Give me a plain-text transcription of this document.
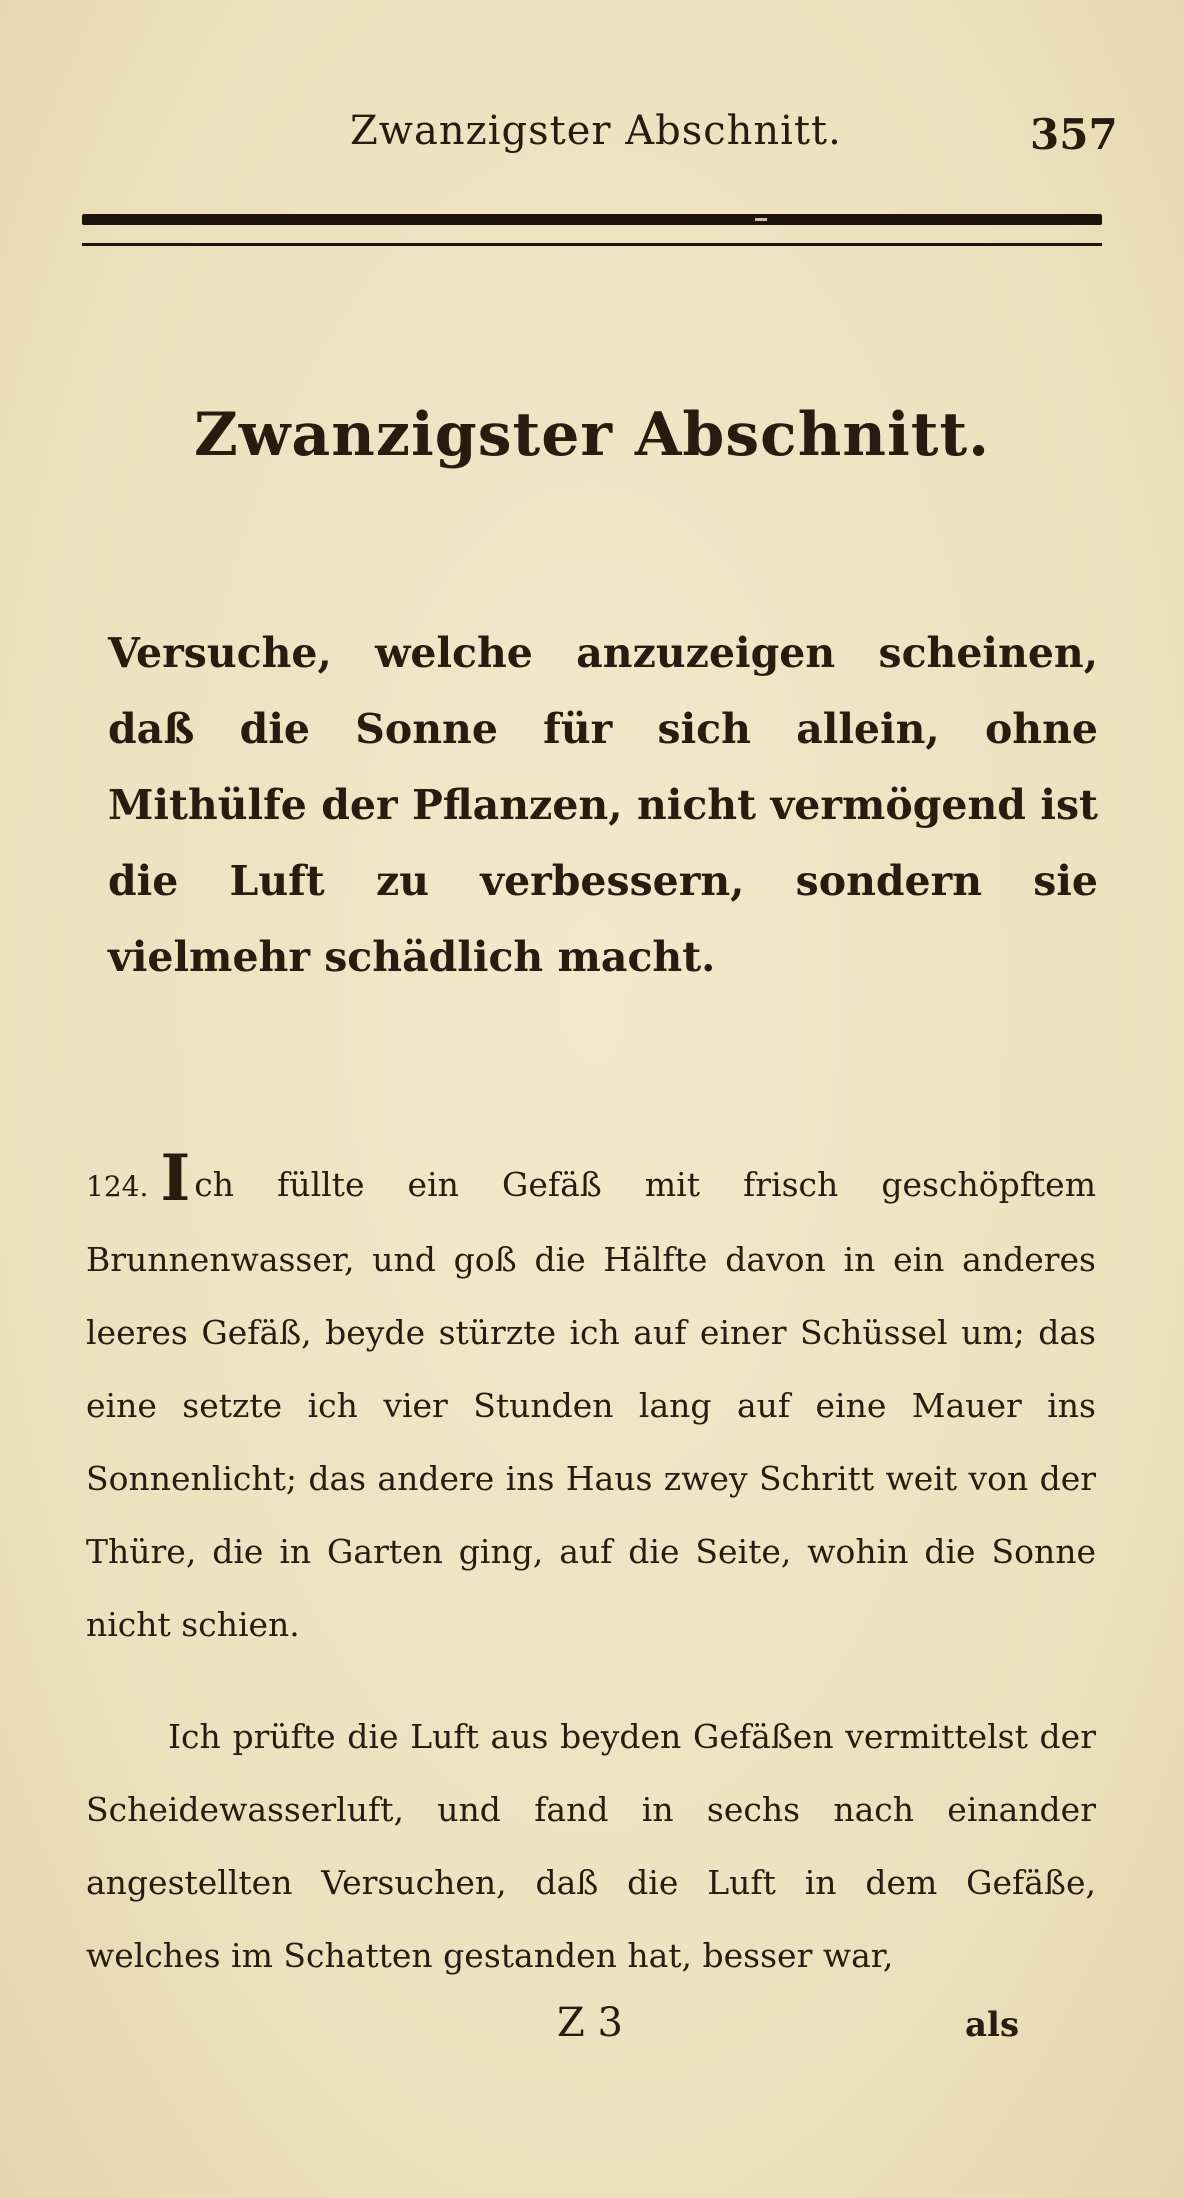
Zwanzigster Abschnitt.	357
Zwanzigster Abschnitt.
Versuche, welche anzuzeigen scheinen, daß die Sonne für sich allein, ohne Mithülfe der Pflanzen, nicht vermögend ist die Luft zu verbessern, sondern sie vielmehr schädlich macht.
124. I ch füllte ein Gefäß mit frisch geschöpftem Brunnenwasser, und goß die Hälfte davon in ein anderes leeres Gefäß, beyde stürzte ich auf einer Schüssel um; das eine setzte ich vier Stunden lang auf eine Mauer ins Sonnenlicht; das andere ins Haus zwey Schritt weit von der Thüre, die in Garten ging, auf die Seite, wohin die Sonne nicht schien.
Ich prüfte die Luft aus beyden Gefäßen vermittelst der Scheidewasserluft, und fand in sechs nach einander angestellten Versuchen, daß die Luft in dem Gefäße, welches im Schatten gestanden hat, besser war,
Z 3	als
